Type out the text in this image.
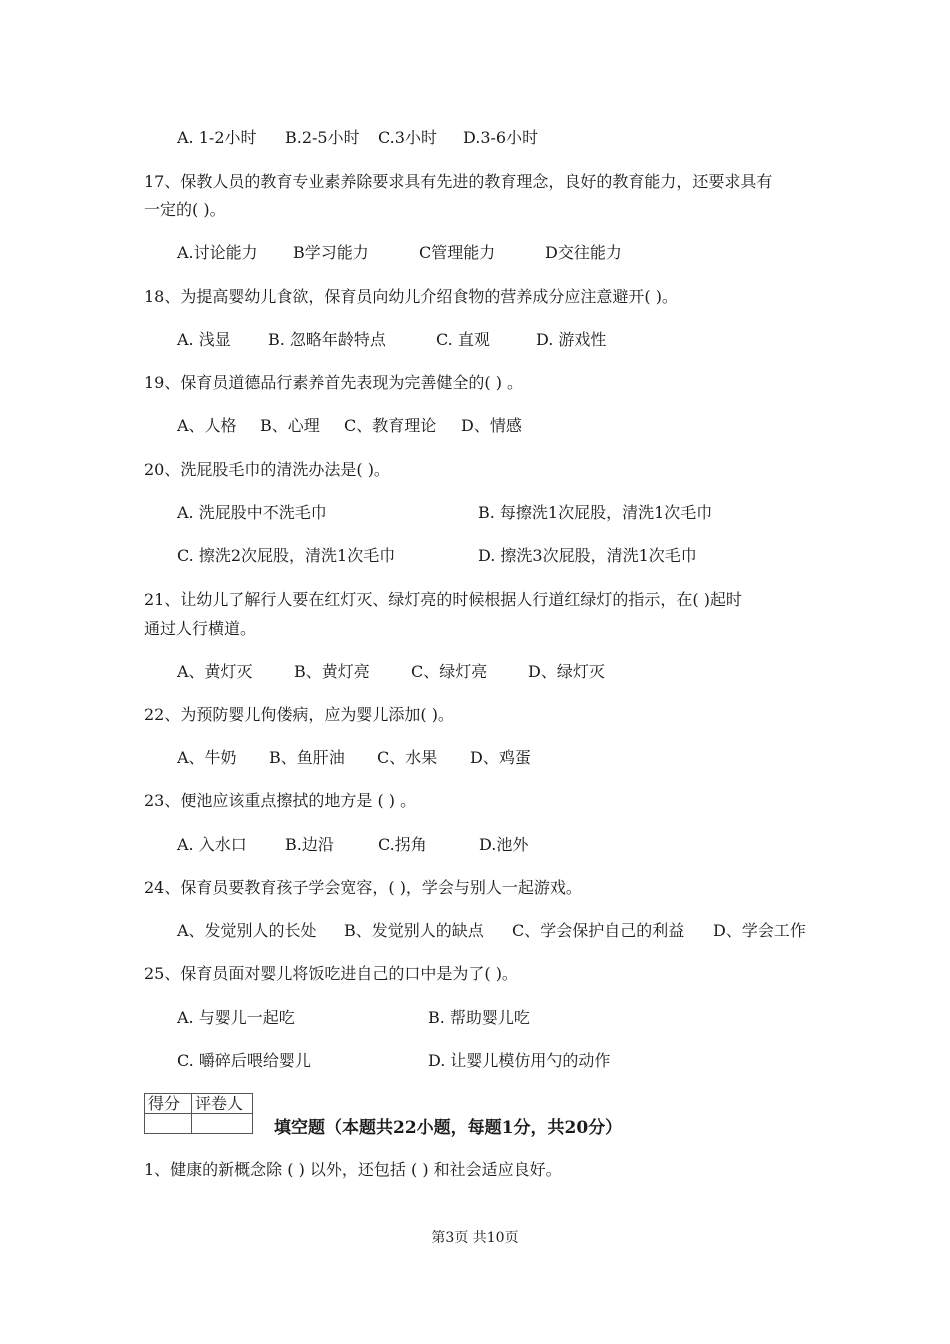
A. 1-2小时	B.2-5小时	C.3小时	D.3-6小时
17、保教人员的教育专业素养除要求具有先进的教育理念，良好的教育能力，还要求具有
一定的( )。
A.讨论能力	B学习能力	C管理能力	D交往能力
18、为提高婴幼儿食欲，保育员向幼儿介绍食物的营养成分应注意避开( )。
A. 浅显	B. 忽略年龄特点	C. 直观	D. 游戏性
19、保育员道德品行素养首先表现为完善健全的( ) 。
A、人格	B、心理	C、教育理论	D、情感
20、洗屁股毛巾的清洗办法是( )。
A. 洗屁股中不洗毛巾	B. 每擦洗1次屁股，清洗1次毛巾
C. 擦洗2次屁股，清洗1次毛巾	D. 擦洗3次屁股，清洗1次毛巾
21、让幼儿了解行人要在红灯灭、绿灯亮的时候根据人行道红绿灯的指示，在( )起时
通过人行横道。
A、黄灯灭	B、黄灯亮	C、绿灯亮	D、绿灯灭
22、为预防婴儿佝偻病，应为婴儿添加( )。
A、牛奶	B、鱼肝油	C、水果	D、鸡蛋
23、便池应该重点擦拭的地方是 ( ) 。
A. 入水口	B.边沿	C.拐角	D.池外
24、保育员要教育孩子学会宽容，( )，学会与别人一起游戏。
A、发觉别人的长处	B、发觉别人的缺点	C、学会保护自己的利益	D、学会工作
25、保育员面对婴儿将饭吃进自己的口中是为了( )。
A. 与婴儿一起吃	B. 帮助婴儿吃
C. 嚼碎后喂给婴儿	D. 让婴儿模仿用勺的动作
得分	评卷人

填空题（本题共22小题，每题1分，共20分）
1、健康的新概念除 ( ) 以外，还包括 ( ) 和社会适应良好。
第3页 共10页
